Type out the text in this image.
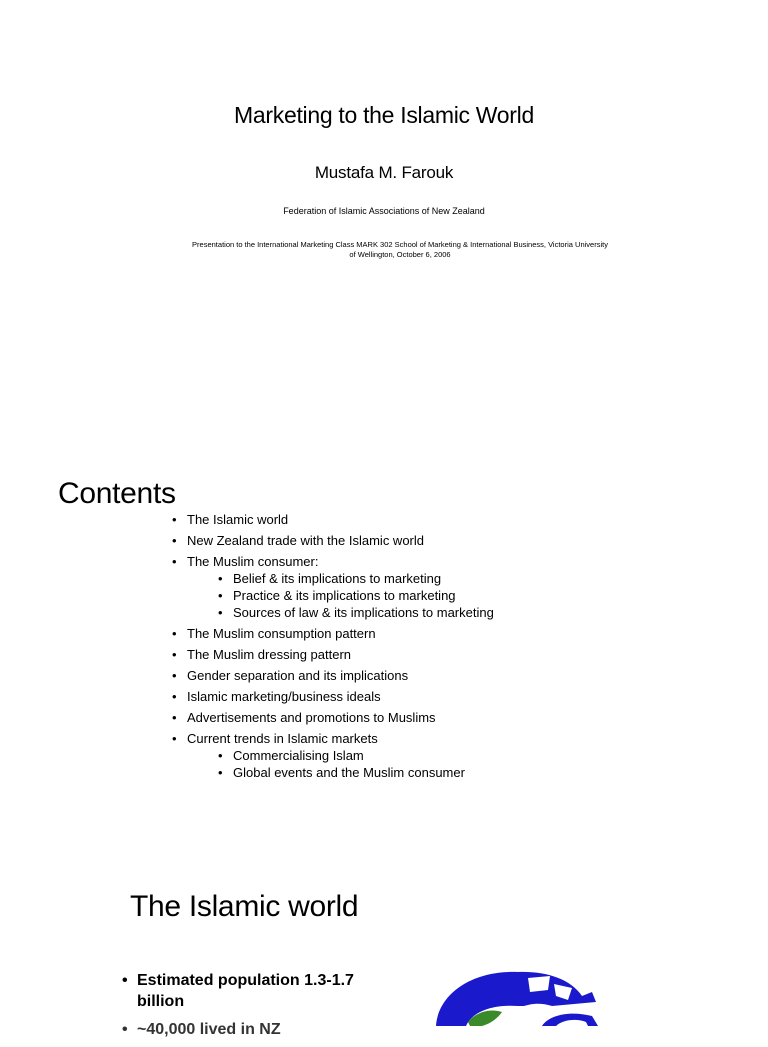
Marketing to the Islamic World
Mustafa M. Farouk
Federation of Islamic Associations of New Zealand
Presentation to the International Marketing Class MARK 302 School of Marketing & International Business, Victoria University
of Wellington, October 6, 2006
Contents
• The Islamic world
• New Zealand trade with the Islamic world
• The Muslim consumer:
• Belief & its implications to marketing
• Practice & its implications to marketing
• Sources of law & its implications to marketing
• The Muslim consumption pattern
• The Muslim dressing pattern
• Gender separation and its implications
• Islamic marketing/business ideals
• Advertisements and promotions to Muslims
• Current trends in Islamic markets
• Commercialising Islam
• Global events and the Muslim consumer
The Islamic world
• Estimated population 1.3-1.7 billion
• ~40,000 lived in NZ
